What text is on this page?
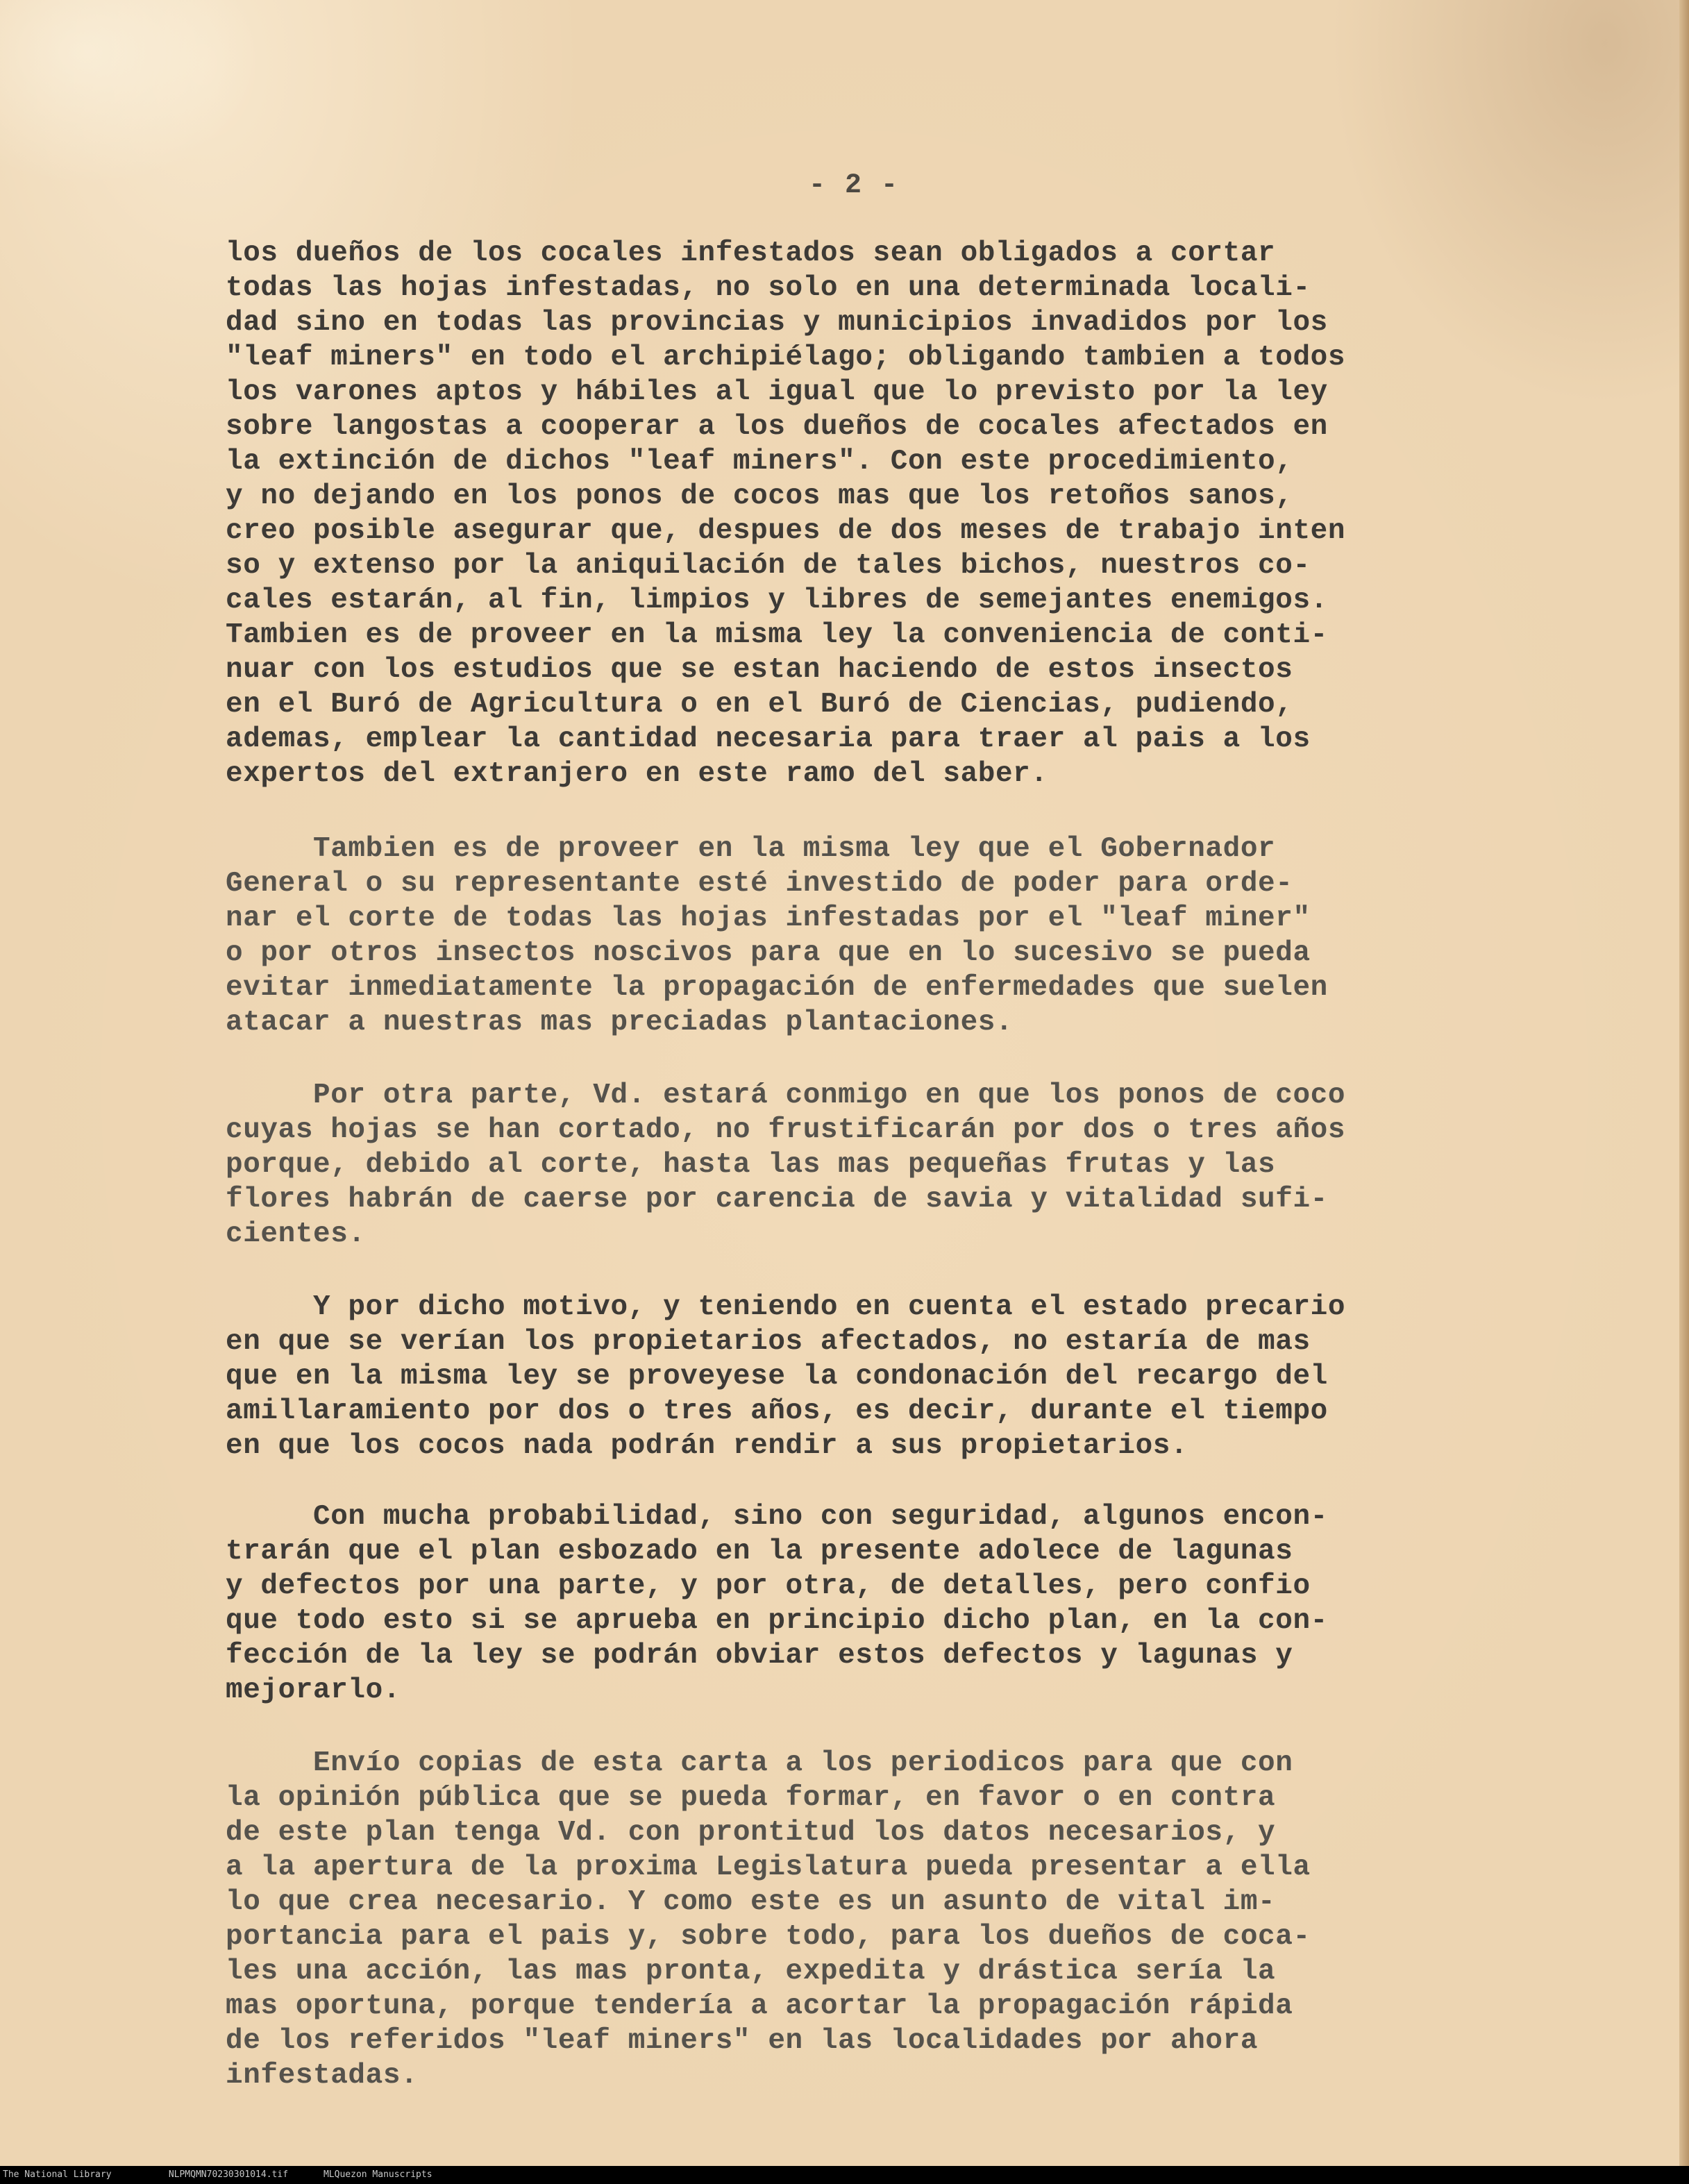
- 2 -
los dueños de los cocales infestados sean obligados a cortar
todas las hojas infestadas, no solo en una determinada locali-
dad sino en todas las provincias y municipios invadidos por los
"leaf miners" en todo el archipiélago; obligando tambien a todos
los varones aptos y hábiles al igual que lo previsto por la ley
sobre langostas a cooperar a los dueños de cocales afectados en
la extinción de dichos "leaf miners". Con este procedimiento,
y no dejando en los ponos de cocos mas que los retoños sanos,
creo posible asegurar que, despues de dos meses de trabajo inten
so y extenso por la aniquilación de tales bichos, nuestros co-
cales estarán, al fin, limpios y libres de semejantes enemigos.
Tambien es de proveer en la misma ley la conveniencia de conti-
nuar con los estudios que se estan haciendo de estos insectos
en el Buró de Agricultura o en el Buró de Ciencias, pudiendo,
ademas, emplear la cantidad necesaria para traer al pais a los
expertos del extranjero en este ramo del saber.
Tambien es de proveer en la misma ley que el Gobernador
General o su representante esté investido de poder para orde-
nar el corte de todas las hojas infestadas por el "leaf miner"
o por otros insectos noscivos para que en lo sucesivo se pueda
evitar inmediatamente la propagación de enfermedades que suelen
atacar a nuestras mas preciadas plantaciones.
Por otra parte, Vd. estará conmigo en que los ponos de coco
cuyas hojas se han cortado, no frustificarán por dos o tres años
porque, debido al corte, hasta las mas pequeñas frutas y las
flores habrán de caerse por carencia de savia y vitalidad sufi-
cientes.
Y por dicho motivo, y teniendo en cuenta el estado precario
en que se verían los propietarios afectados, no estaría de mas
que en la misma ley se proveyese la condonación del recargo del
amillaramiento por dos o tres años, es decir, durante el tiempo
en que los cocos nada podrán rendir a sus propietarios.
Con mucha probabilidad, sino con seguridad, algunos encon-
trarán que el plan esbozado en la presente adolece de lagunas
y defectos por una parte, y por otra, de detalles, pero confio
que todo esto si se aprueba en principio dicho plan, en la con-
fección de la ley se podrán obviar estos defectos y lagunas y
mejorarlo.
Envío copias de esta carta a los periodicos para que con
la opinión pública que se pueda formar, en favor o en contra
de este plan tenga Vd. con prontitud los datos necesarios, y
a la apertura de la proxima Legislatura pueda presentar a ella
lo que crea necesario. Y como este es un asunto de vital im-
portancia para el pais y, sobre todo, para los dueños de coca-
les una acción, las mas pronta, expedita y drástica sería la
mas oportuna, porque tendería a acortar la propagación rápida
de los referidos "leaf miners" en las localidades por ahora
infestadas.
The National Library	NLPMQMN70230301014.tif	MLQuezon Manuscripts
